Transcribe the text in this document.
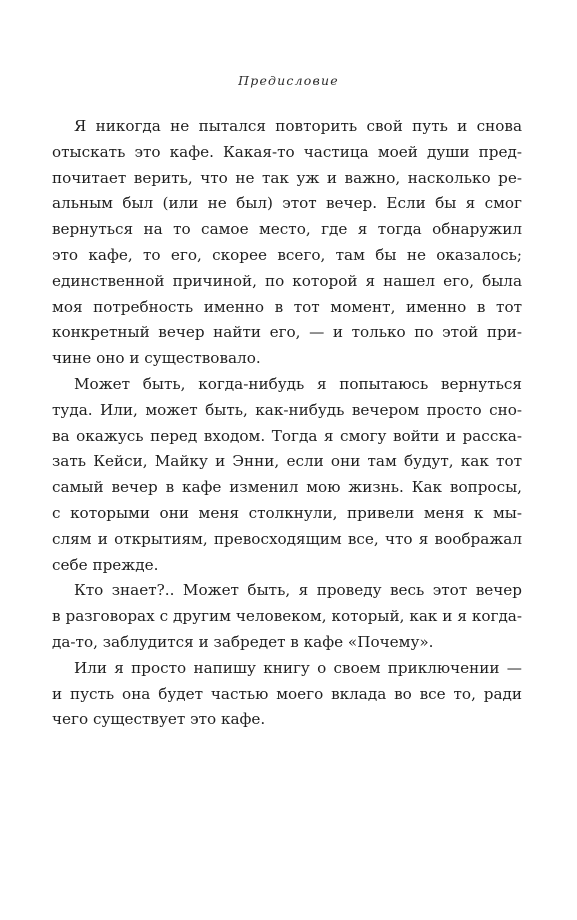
Предисловие
Я никогда не пытался повторить свой путь и снова
отыскать это кафе. Какая-то частица моей души пред-
почитает верить, что не так уж и важно, насколько ре-
альным был (или не был) этот вечер. Если бы я смог
вернуться на то самое место, где я тогда обнаружил
это кафе, то его, скорее всего, там бы не оказалось;
единственной причиной, по которой я нашел его, была
моя потребность именно в тот момент, именно в тот
конкретный вечер найти его, — и только по этой при-
чине оно и существовало.
Может быть, когда-нибудь я попытаюсь вернуться
туда. Или, может быть, как-нибудь вечером просто сно-
ва окажусь перед входом. Тогда я смогу войти и расска-
зать Кейси, Майку и Энни, если они там будут, как тот
самый вечер в кафе изменил мою жизнь. Как вопросы,
с которыми они меня столкнули, привели меня к мы-
слям и открытиям, превосходящим все, что я воображал
себе прежде.
Кто знает?.. Может быть, я проведу весь этот вечер
в разговорах с другим человеком, который, как и я когда-
да-то, заблудится и забредет в кафе «Почему».
Или я просто напишу книгу о своем приключении —
и пусть она будет частью моего вклада во все то, ради
чего существует это кафе.
